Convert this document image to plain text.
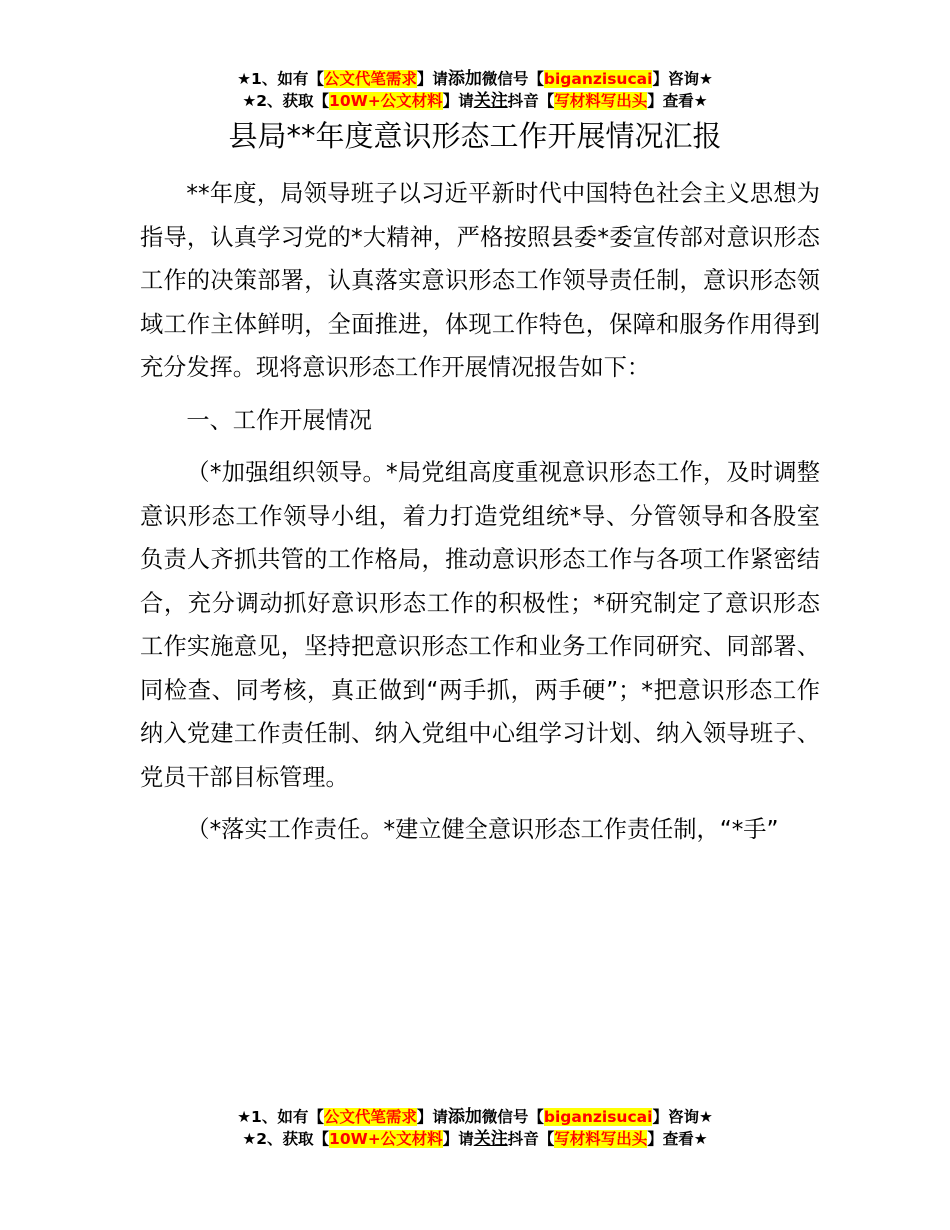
★1、如有【公文代笔需求】请添加微信号【biganzisucai】咨询★
★2、获取【10W+公文材料】请关注抖音【写材料写出头】查看★
县局**年度意识形态工作开展情况汇报

**年度，局领导班子以习近平新时代中国特色社会主义思想为指导，认真学习党的*大精神，严格按照县委*委宣传部对意识形态工作的决策部署，认真落实意识形态工作领导责任制，意识形态领域工作主体鲜明，全面推进，体现工作特色，保障和服务作用得到充分发挥。现将意识形态工作开展情况报告如下：

一、工作开展情况

（*加强组织领导。*局党组高度重视意识形态工作，及时调整意识形态工作领导小组，着力打造党组统*导、分管领导和各股室负责人齐抓共管的工作格局，推动意识形态工作与各项工作紧密结合，充分调动抓好意识形态工作的积极性；*研究制定了意识形态工作实施意见，坚持把意识形态工作和业务工作同研究、同部署、同检查、同考核，真正做到“两手抓，两手硬”；*把意识形态工作纳入党建工作责任制、纳入党组中心组学习计划、纳入领导班子、党员干部目标管理。

（*落实工作责任。*建立健全意识形态工作责任制，“*手”

★1、如有【公文代笔需求】请添加微信号【biganzisucai】咨询★
★2、获取【10W+公文材料】请关注抖音【写材料写出头】查看★
